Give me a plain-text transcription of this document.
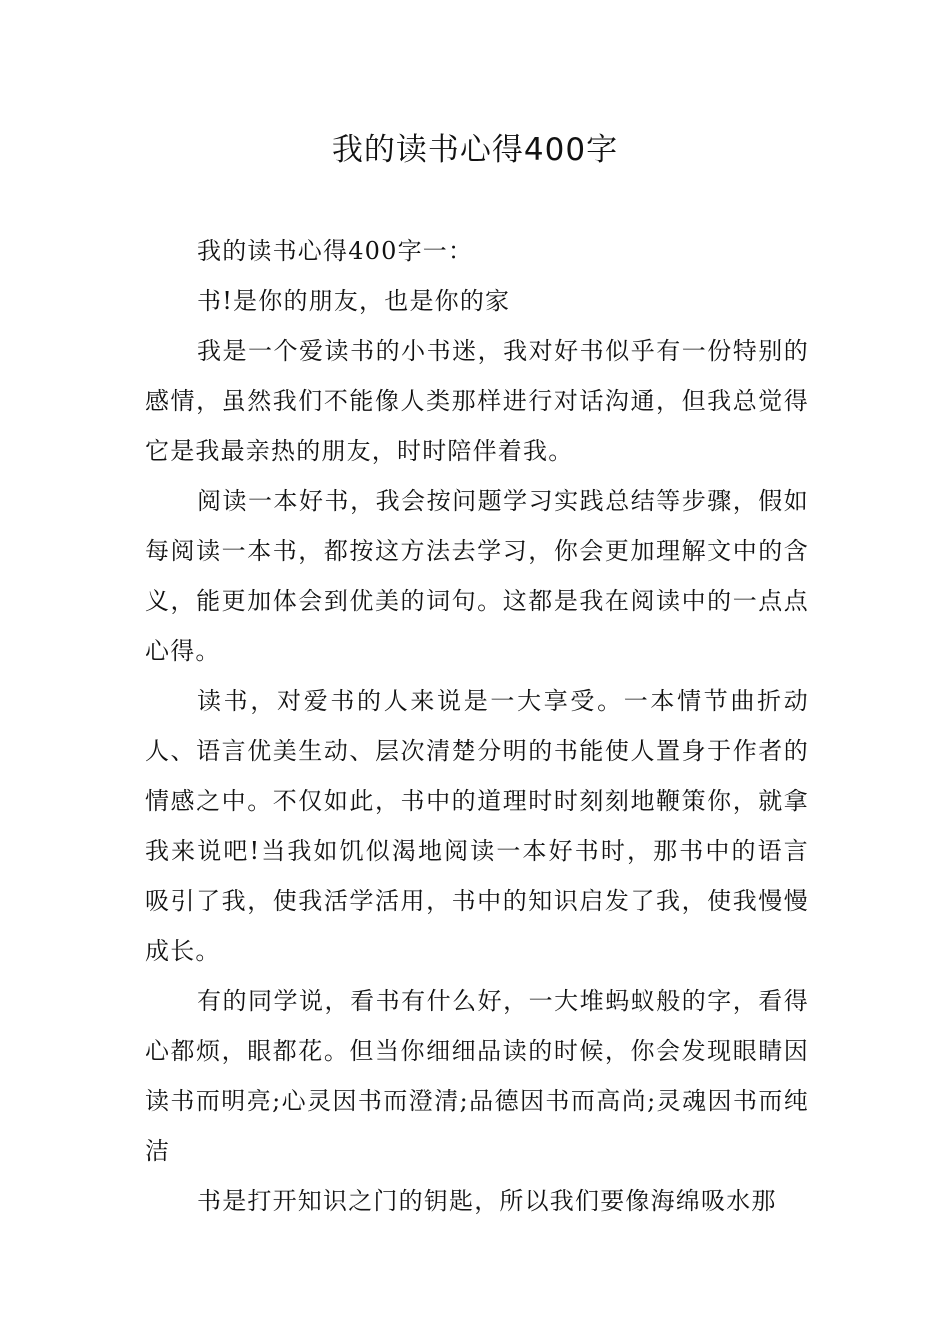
我的读书心得400字

我的读书心得400字一：

书!是你的朋友，也是你的家

我是一个爱读书的小书迷，我对好书似乎有一份特别的感情，虽然我们不能像人类那样进行对话沟通，但我总觉得它是我最亲热的朋友，时时陪伴着我。

阅读一本好书，我会按问题学习实践总结等步骤，假如每阅读一本书，都按这方法去学习，你会更加理解文中的含义，能更加体会到优美的词句。这都是我在阅读中的一点点心得。

读书，对爱书的人来说是一大享受。一本情节曲折动人、语言优美生动、层次清楚分明的书能使人置身于作者的情感之中。不仅如此，书中的道理时时刻刻地鞭策你，就拿我来说吧!当我如饥似渴地阅读一本好书时，那书中的语言吸引了我，使我活学活用，书中的知识启发了我，使我慢慢成长。

有的同学说，看书有什么好，一大堆蚂蚁般的字，看得心都烦，眼都花。但当你细细品读的时候，你会发现眼睛因读书而明亮;心灵因书而澄清;品德因书而高尚;灵魂因书而纯洁

书是打开知识之门的钥匙，所以我们要像海绵吸水那
